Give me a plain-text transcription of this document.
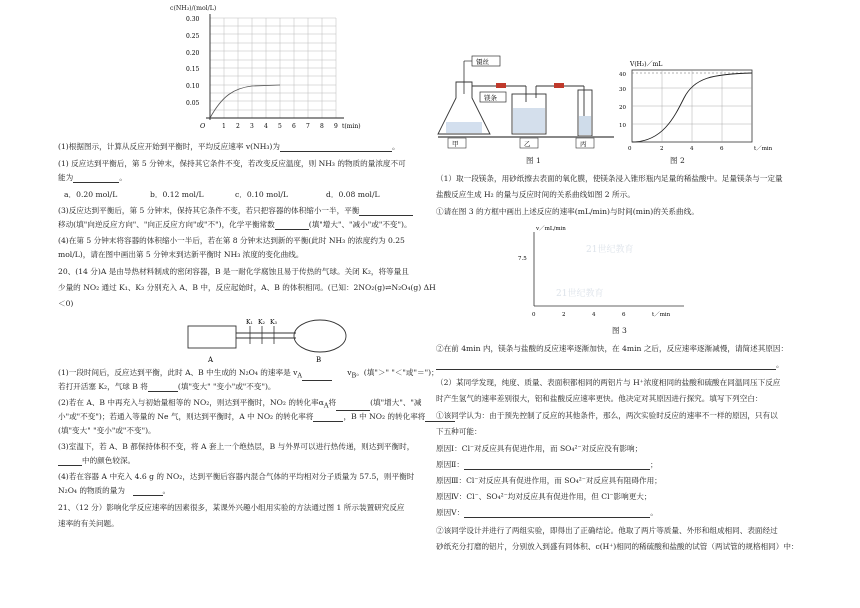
c(NH₃)/(mol/L)
0.30
0.25
0.20
0.15
0.10
0.05
O	1 2 3 4 5 6 7 8 9 t(min)
(1)根据图示，计算从反应开始到平衡时，平均反应速率 v(NH₃)为	。
(1) 反应达到平衡后，第 5 分钟末，保持其它条件不变，若改变反应温度，则 NH₃ 的物质的量浓度不可
能为	。
a．0.20 mol/L	b．0.12 mol/L	c．0.10 mol/L	d．0.08 mol/L
(3)反应达到平衡后，第 5 分钟末，保持其它条件不变，若只把容器的体积缩小一半，平衡
移动(填"向逆反应方向"、"向正反应方向"或"不")，化学平衡常数	(填"增大"、"减小"或"不变")。
(4)在第 5 分钟末将容器的体积缩小一半后，若在第 8 分钟末达到新的平衡(此时 NH₃ 的浓度约为 0.25
mol/L)，请在图中画出第 5 分钟末到达新平衡时 NH₃ 浓度的变化曲线。
20、(14 分)A 是由导热材料制成的密闭容器，B 是一耐化学腐蚀且易于传热的气球。关闭 K₂，将等量且
少量的 NO₂ 通过 K₁、K₃ 分别充入 A、B 中，反应起始时，A、B 的体积相同。(已知：2NO₂(g)⇌N₂O₄(g) ΔH
＜0)
K₁ K₂ K₃
A	B
(1)一段时间后，反应达到平衡，此时 A、B 中生成的 N₂O₄ 的速率是 $v_A$　　	$v_B$。(填"＞" "＜"或"＝")；
若打开活塞 K₂，气球 B 将	(填"变大" "变小"或"不变")。
(2)若在 A、B 中再充入与初始量相等的 NO₂，则达到平衡时，NO₂ 的转化率$\alpha_A$将	(填"增大"、"减
小"或"不变")；若通入等量的 Ne 气，则达到平衡时，A 中 NO₂ 的转化率将	，B 中 NO₂ 的转化率将
(填"变大" "变小"或"不变")。
(3)室温下，若 A、B 都保持体积不变，将 A 套上一个绝热层，B 与外界可以进行热传递，则达到平衡时，
中的颜色较深。
(4)若在容器 A 中充入 4.6 g 的 NO₂，达到平衡后容器内混合气体的平均相对分子质量为 57.5，则平衡时
N₂O₄ 的物质的量为　	。
21、（12 分）影响化学反应速率的因素很多，某课外兴趣小组用实验的方法通过图 1 所示装置研究反应
速率的有关问题。
镊丝
镁条
甲	乙	丙
V(H₂)／mL
40
30
20
10
0	2	4	6	t／min
图 1	图 2
（1）取一段镁条，用砂纸擦去表面的氧化膜，使镁条浸入锥形瓶内足量的稀盐酸中。足量镁条与一定量
盐酸反应生成 H₂ 的量与反应时间的关系曲线如图 2 所示。
①请在图 3 的方框中画出上述反应的速率(mL/min)与时间(min)的关系曲线。
v／mL/min
7.5
21世纪教育
21世纪教育
0	2	4	6	t／min
图 3
②在前 4min 内，镁条与盐酸的反应速率逐渐加快，在 4min 之后，反应速率逐渐减慢，请简述其原因：
。
（2）某同学发现，纯度、质量、表面积都相同的两铝片与 H⁺浓度相同的盐酸和硫酸在同温同压下反应
时产生氢气的速率差别很大，铝和盐酸反应速率更快。他决定对其原因进行探究。填写下列空白：
①该同学认为：由于预先控制了反应的其他条件，那么，两次实验时反应的速率不一样的原因，只有以
下五种可能：
原因Ⅰ：Cl⁻对反应具有促进作用，而 SO₄²⁻对反应没有影响；
原因Ⅱ：	；
原因Ⅲ：Cl⁻对反应具有促进作用，而 SO₄²⁻对反应具有阻碍作用；
原因Ⅳ：Cl⁻、SO₄²⁻均对反应具有促进作用，但 Cl⁻影响更大；
原因Ⅴ：	。
②该同学设计并进行了两组实验，即得出了正确结论。他取了两片等质量、外形和组成相同、表面经过
砂纸充分打磨的铝片，分别放入到盛有同体积、c(H⁺)相同的稀硫酸和盐酸的试管（两试管的规格相同）中：
